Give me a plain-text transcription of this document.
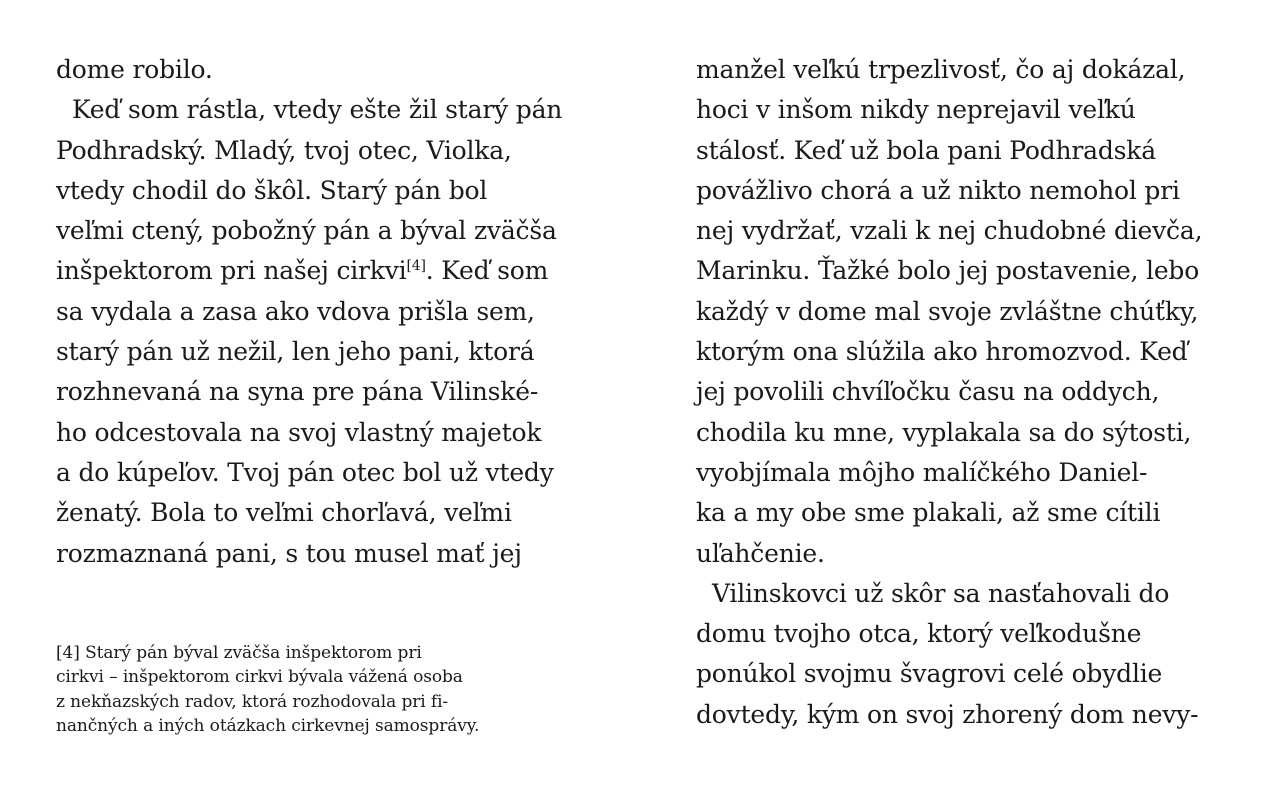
dome robilo.
Keď som rástla, vtedy ešte žil starý pán
Podhradský. Mladý, tvoj otec, Violka,
vtedy chodil do škôl. Starý pán bol
veľmi ctený, pobožný pán a býval zväčša
inšpektorom pri našej cirkvi[4]. Keď som
sa vydala a zasa ako vdova prišla sem,
starý pán už nežil, len jeho pani, ktorá
rozhnevaná na syna pre pána Vilinské-
ho odcestovala na svoj vlastný majetok
a do kúpeľov. Tvoj pán otec bol už vtedy
ženatý. Bola to veľmi chorľavá, veľmi
rozmaznaná pani, s tou musel mať jej
[4] Starý pán býval zväčša inšpektorom pri
cirkvi – inšpektorom cirkvi bývala vážená osoba
z nekňazských radov, ktorá rozhodovala pri fi-
nančných a iných otázkach cirkevnej samosprávy.
manžel veľkú trpezlivosť, čo aj dokázal,
hoci v inšom nikdy neprejavil veľkú
stálosť. Keď už bola pani Podhradská
povážlivo chorá a už nikto nemohol pri
nej vydržať, vzali k nej chudobné dievča,
Marinku. Ťažké bolo jej postavenie, lebo
každý v dome mal svoje zvláštne chúťky,
ktorým ona slúžila ako hromozvod. Keď
jej povolili chvíľočku času na oddych,
chodila ku mne, vyplakala sa do sýtosti,
vyobjímala môjho malíčkého Daniel-
ka a my obe sme plakali, až sme cítili
uľahčenie.
Vilinskovci už skôr sa nasťahovali do
domu tvojho otca, ktorý veľkodušne
ponúkol svojmu švagrovi celé obydlie
dovtedy, kým on svoj zhorený dom nevy-
